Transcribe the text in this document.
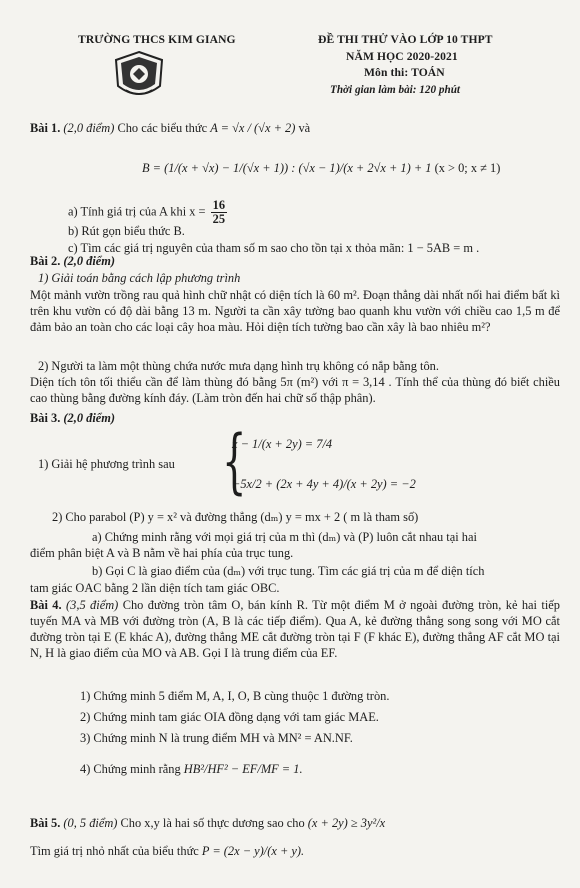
TRƯỜNG THCS KIM GIANG	ĐỀ THI THỬ VÀO LỚP 10 THPT
NĂM HỌC 2020-2021
Môn thi: TOÁN
Thời gian làm bài: 120 phút
Bài 1. (2,0 điểm) Cho các biểu thức A = √x / (√x + 2) và
B = (1/(x + √x) − 1/(√x + 1)) : (√x − 1)/(x + 2√x + 1) + 1 (x > 0; x ≠ 1)
a) Tính giá trị của A khi $x = \frac{16}{25}$
b) Rút gọn biểu thức B.
c) Tìm các giá trị nguyên của tham số m sao cho tồn tại x thỏa mãn: 1 − 5AB = m .
Bài 2. (2,0 điểm)
1) Giải toán bằng cách lập phương trình
Một mảnh vườn trồng rau quả hình chữ nhật có diện tích là 60 m². Đoạn thẳng dài nhất nối hai điểm bất kì trên khu vườn có độ dài bằng 13 m. Người ta cần xây tường bao quanh khu vườn với chiều cao 1,5 m để đảm bảo an toàn cho các loại cây hoa màu. Hỏi diện tích tường bao cần xây là bao nhiêu m²?
2) Người ta làm một thùng chứa nước mưa dạng hình trụ không có nắp bằng tôn.
Diện tích tôn tối thiểu cần để làm thùng đó bằng 5π (m²) với π = 3,14 . Tính thể của thùng đó biết chiều cao thùng bằng đường kính đáy. (Làm tròn đến hai chữ số thập phân).
Bài 3. (2,0 điểm)
1) Giải hệ phương trình sau {
x − 1/(x + 2y) = 7/4
−5x/2 + (2x + 4y + 4)/(x + 2y) = −2
2) Cho parabol (P) y = x² và đường thẳng (dₘ) y = mx + 2 ( m là tham số)
a) Chứng minh rằng với mọi giá trị của m thì (dₘ) và (P) luôn cắt nhau tại hai
điểm phân biệt A và B nằm về hai phía của trục tung.
b) Gọi C là giao điểm của (dₘ) với trục tung. Tìm các giá trị của m để diện tích
tam giác OAC bằng 2 lần diện tích tam giác OBC.
Bài 4. (3,5 điểm) Cho đường tròn tâm O, bán kính R. Từ một điểm M ở ngoài đường tròn, kẻ hai tiếp tuyến MA và MB với đường tròn (A, B là các tiếp điểm). Qua A, kẻ đường thẳng song song với MO cắt đường tròn tại E (E khác A), đường thẳng ME cắt đường tròn tại F (F khác E), đường thẳng AF cắt MO tại N, H là giao điểm của MO và AB. Gọi I là trung điểm của EF.
1) Chứng minh 5 điểm M, A, I, O, B cùng thuộc 1 đường tròn.
2) Chứng minh tam giác OIA đồng dạng với tam giác MAE.
3) Chứng minh N là trung điểm MH và MN² = AN.NF.
4) Chứng minh rằng HB²/HF² − EF/MF = 1.
Bài 5. (0, 5 điểm) Cho x,y là hai số thực dương sao cho (x + 2y) ≥ 3y²/x
Tìm giá trị nhỏ nhất của biểu thức P = (2x − y)/(x + y).
